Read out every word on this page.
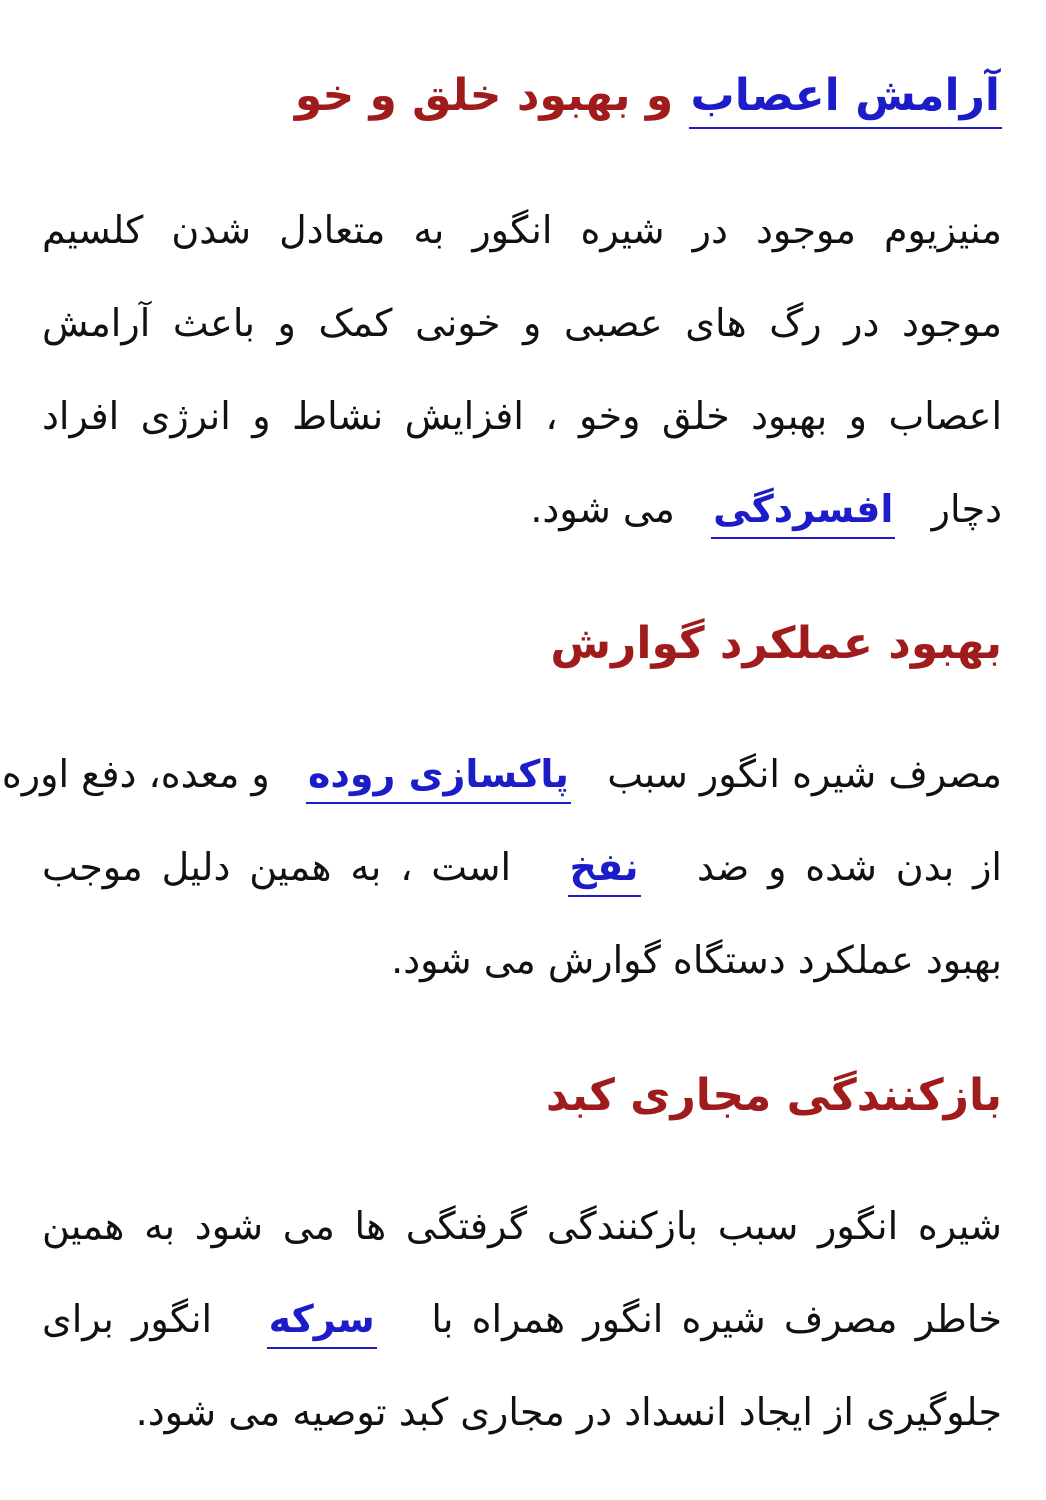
آرامش اعصاب و بهبود خلق و خو
منیزیوم موجود در شیره انگور به متعادل شدن کلسیم
موجود در رگ های عصبی و خونی کمک و باعث آرامش
اعصاب و بهبود خلق وخو ، افزایش نشاط و انرژی افراد
دچار   افسردگی   می شود.
بهبود عملکرد گوارش
مصرف شیره انگور سبب   پاکسازی روده   و معده، دفع اوره
از بدن شده و ضد   نفخ   است ، به همین دلیل موجب
بهبود عملکرد دستگاه گوارش می شود.
بازکنندگی مجاری کبد
شیره انگور سبب بازکنندگی گرفتگی ها می شود به همین
خاطر مصرف شیره انگور همراه با   سرکه   انگور برای
جلوگیری از ایجاد انسداد در مجاری کبد توصیه می شود.
